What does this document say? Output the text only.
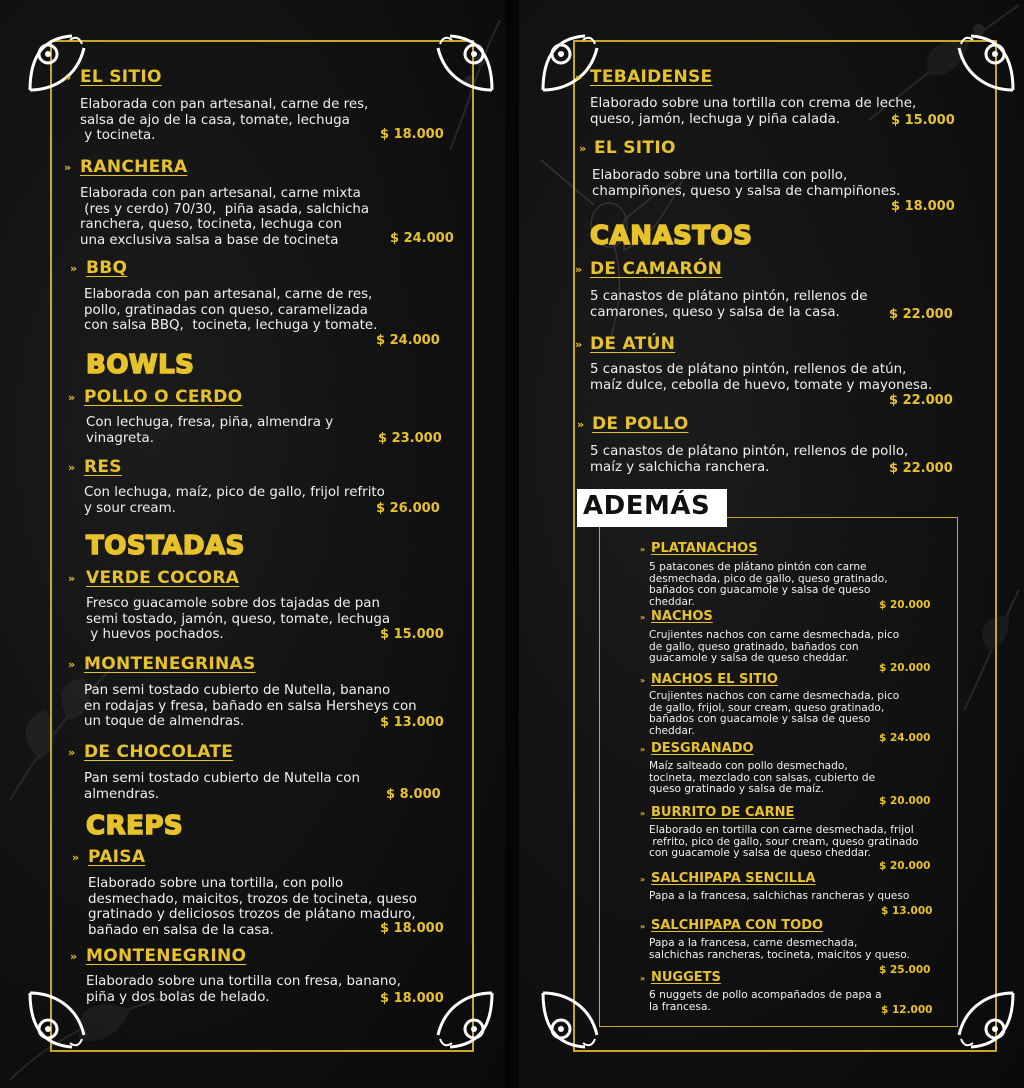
» EL SITIO
Elaborada con pan artesanal, carne de res,
salsa de ajo de la casa, tomate, lechuga
y tocineta.	$ 18.000
» RANCHERA
Elaborada con pan artesanal, carne mixta
(res y cerdo) 70/30,  piña asada, salchicha
ranchera, queso, tocineta, lechuga con
una exclusiva salsa a base de tocineta	$ 24.000
» BBQ
Elaborada con pan artesanal, carne de res,
pollo, gratinadas con queso, caramelizada
con salsa BBQ,  tocineta, lechuga y tomate.
$ 24.000
BOWLS
» POLLO O CERDO
Con lechuga, fresa, piña, almendra y
vinagreta.	$ 23.000
» RES
Con lechuga, maíz, pico de gallo, frijol refrito
y sour cream.	$ 26.000
TOSTADAS
» VERDE COCORA
Fresco guacamole sobre dos tajadas de pan
semi tostado, jamón, queso, tomate, lechuga
y huevos pochados.	$ 15.000
» MONTENEGRINAS
Pan semi tostado cubierto de Nutella, banano
en rodajas y fresa, bañado en salsa Hersheys con
un toque de almendras.	$ 13.000
» DE CHOCOLATE
Pan semi tostado cubierto de Nutella con
almendras.	$ 8.000
CREPS
» PAISA
Elaborado sobre una tortilla, con pollo
desmechado, maicitos, trozos de tocineta, queso
gratinado y deliciosos trozos de plátano maduro,
bañado en salsa de la casa.	$ 18.000
» MONTENEGRINO
Elaborado sobre una tortilla con fresa, banano,
piña y dos bolas de helado.	$ 18.000
» TEBAIDENSE
Elaborado sobre una tortilla con crema de leche,
queso, jamón, lechuga y piña calada.	$ 15.000
» EL SITIO
Elaborado sobre una tortilla con pollo,
champiñones, queso y salsa de champiñones.
$ 18.000
CANASTOS
» DE CAMARÓN
5 canastos de plátano pintón, rellenos de
camarones, queso y salsa de la casa.	$ 22.000
» DE ATÚN
5 canastos de plátano pintón, rellenos de atún,
maíz dulce, cebolla de huevo, tomate y mayonesa.
$ 22.000
» DE POLLO
5 canastos de plátano pintón, rellenos de pollo,
maíz y salchicha ranchera.	$ 22.000
ADEMÁS
» PLATANACHOS
5 patacones de plátano pintón con carne
desmechada, pico de gallo, queso gratinado,
bañados con guacamole y salsa de queso
cheddar.	$ 20.000
» NACHOS
Crujientes nachos con carne desmechada, pico
de gallo, queso gratinado, bañados con
guacamole y salsa de queso cheddar.
$ 20.000
» NACHOS EL SITIO
Crujientes nachos con carne desmechada, pico
de gallo, frijol, sour cream, queso gratinado,
bañados con guacamole y salsa de queso
cheddar.
$ 24.000
» DESGRANADO
Maíz salteado con pollo desmechado,
tocineta, mezclado con salsas, cubierto de
queso gratinado y salsa de maíz.
$ 20.000
» BURRITO DE CARNE
Elaborado en tortilla con carne desmechada, frijol
refrito, pico de gallo, sour cream, queso gratinado
con guacamole y salsa de queso cheddar.
$ 20.000
» SALCHIPAPA SENCILLA
Papa a la francesa, salchichas rancheras y queso
$ 13.000
» SALCHIPAPA CON TODO
Papa a la francesa, carne desmechada,
salchichas rancheras, tocineta, maicitos y queso.
$ 25.000
» NUGGETS
6 nuggets de pollo acompañados de papa a
la francesa.	$ 12.000
